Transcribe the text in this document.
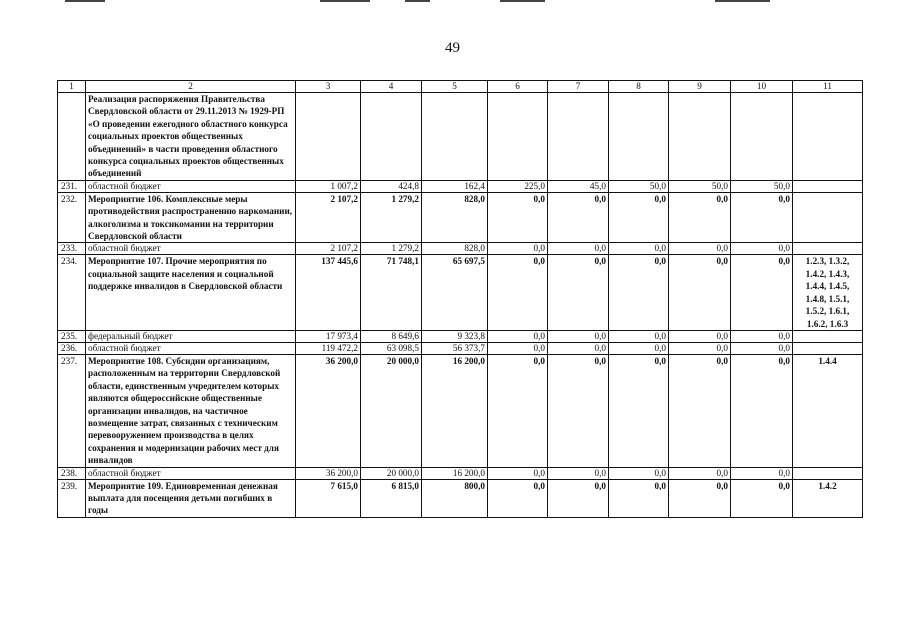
49
1	2	3	4	5	6	7	8	9	10	11
	Реализация распоряжения Правительства Свердловской области от 29.11.2013 № 1929-РП «О проведении ежегодного областного конкурса социальных проектов общественных объединений» в части проведения областного конкурса социальных проектов общественных объединений									
231.	областной бюджет	1 007,2	424,8	162,4	225,0	45,0	50,0	50,0	50,0	
232.	Мероприятие 106. Комплексные меры противодействия распространению наркомании, алкоголизма и токсикомании на территории Свердловской области	2 107,2	1 279,2	828,0	0,0	0,0	0,0	0,0	0,0	
233.	областной бюджет	2 107,2	1 279,2	828,0	0,0	0,0	0,0	0,0	0,0	
234.	Мероприятие 107. Прочие мероприятия по социальной защите населения и социальной поддержке инвалидов в Свердловской области	137 445,6	71 748,1	65 697,5	0,0	0,0	0,0	0,0	0,0	1.2.3, 1.3.2, 1.4.2, 1.4.3, 1.4.4, 1.4.5, 1.4.8, 1.5.1, 1.5.2, 1.6.1, 1.6.2, 1.6.3
235.	федеральный бюджет	17 973,4	8 649,6	9 323,8	0,0	0,0	0,0	0,0	0,0	
236.	областной бюджет	119 472,2	63 098,5	56 373,7	0,0	0,0	0,0	0,0	0,0	
237.	Мероприятие 108. Субсидии организациям, расположенным на территории Свердловской области, единственным учредителем которых являются общероссийские общественные организации инвалидов, на частичное возмещение затрат, связанных с техническим перевооружением производства в целях сохранения и модернизации рабочих мест для инвалидов	36 200,0	20 000,0	16 200,0	0,0	0,0	0,0	0,0	0,0	1.4.4
238.	областной бюджет	36 200,0	20 000,0	16 200,0	0,0	0,0	0,0	0,0	0,0	
239.	Мероприятие 109. Единовременная денежная выплата для посещения детьми погибших в годы	7 615,0	6 815,0	800,0	0,0	0,0	0,0	0,0	0,0	1.4.2
